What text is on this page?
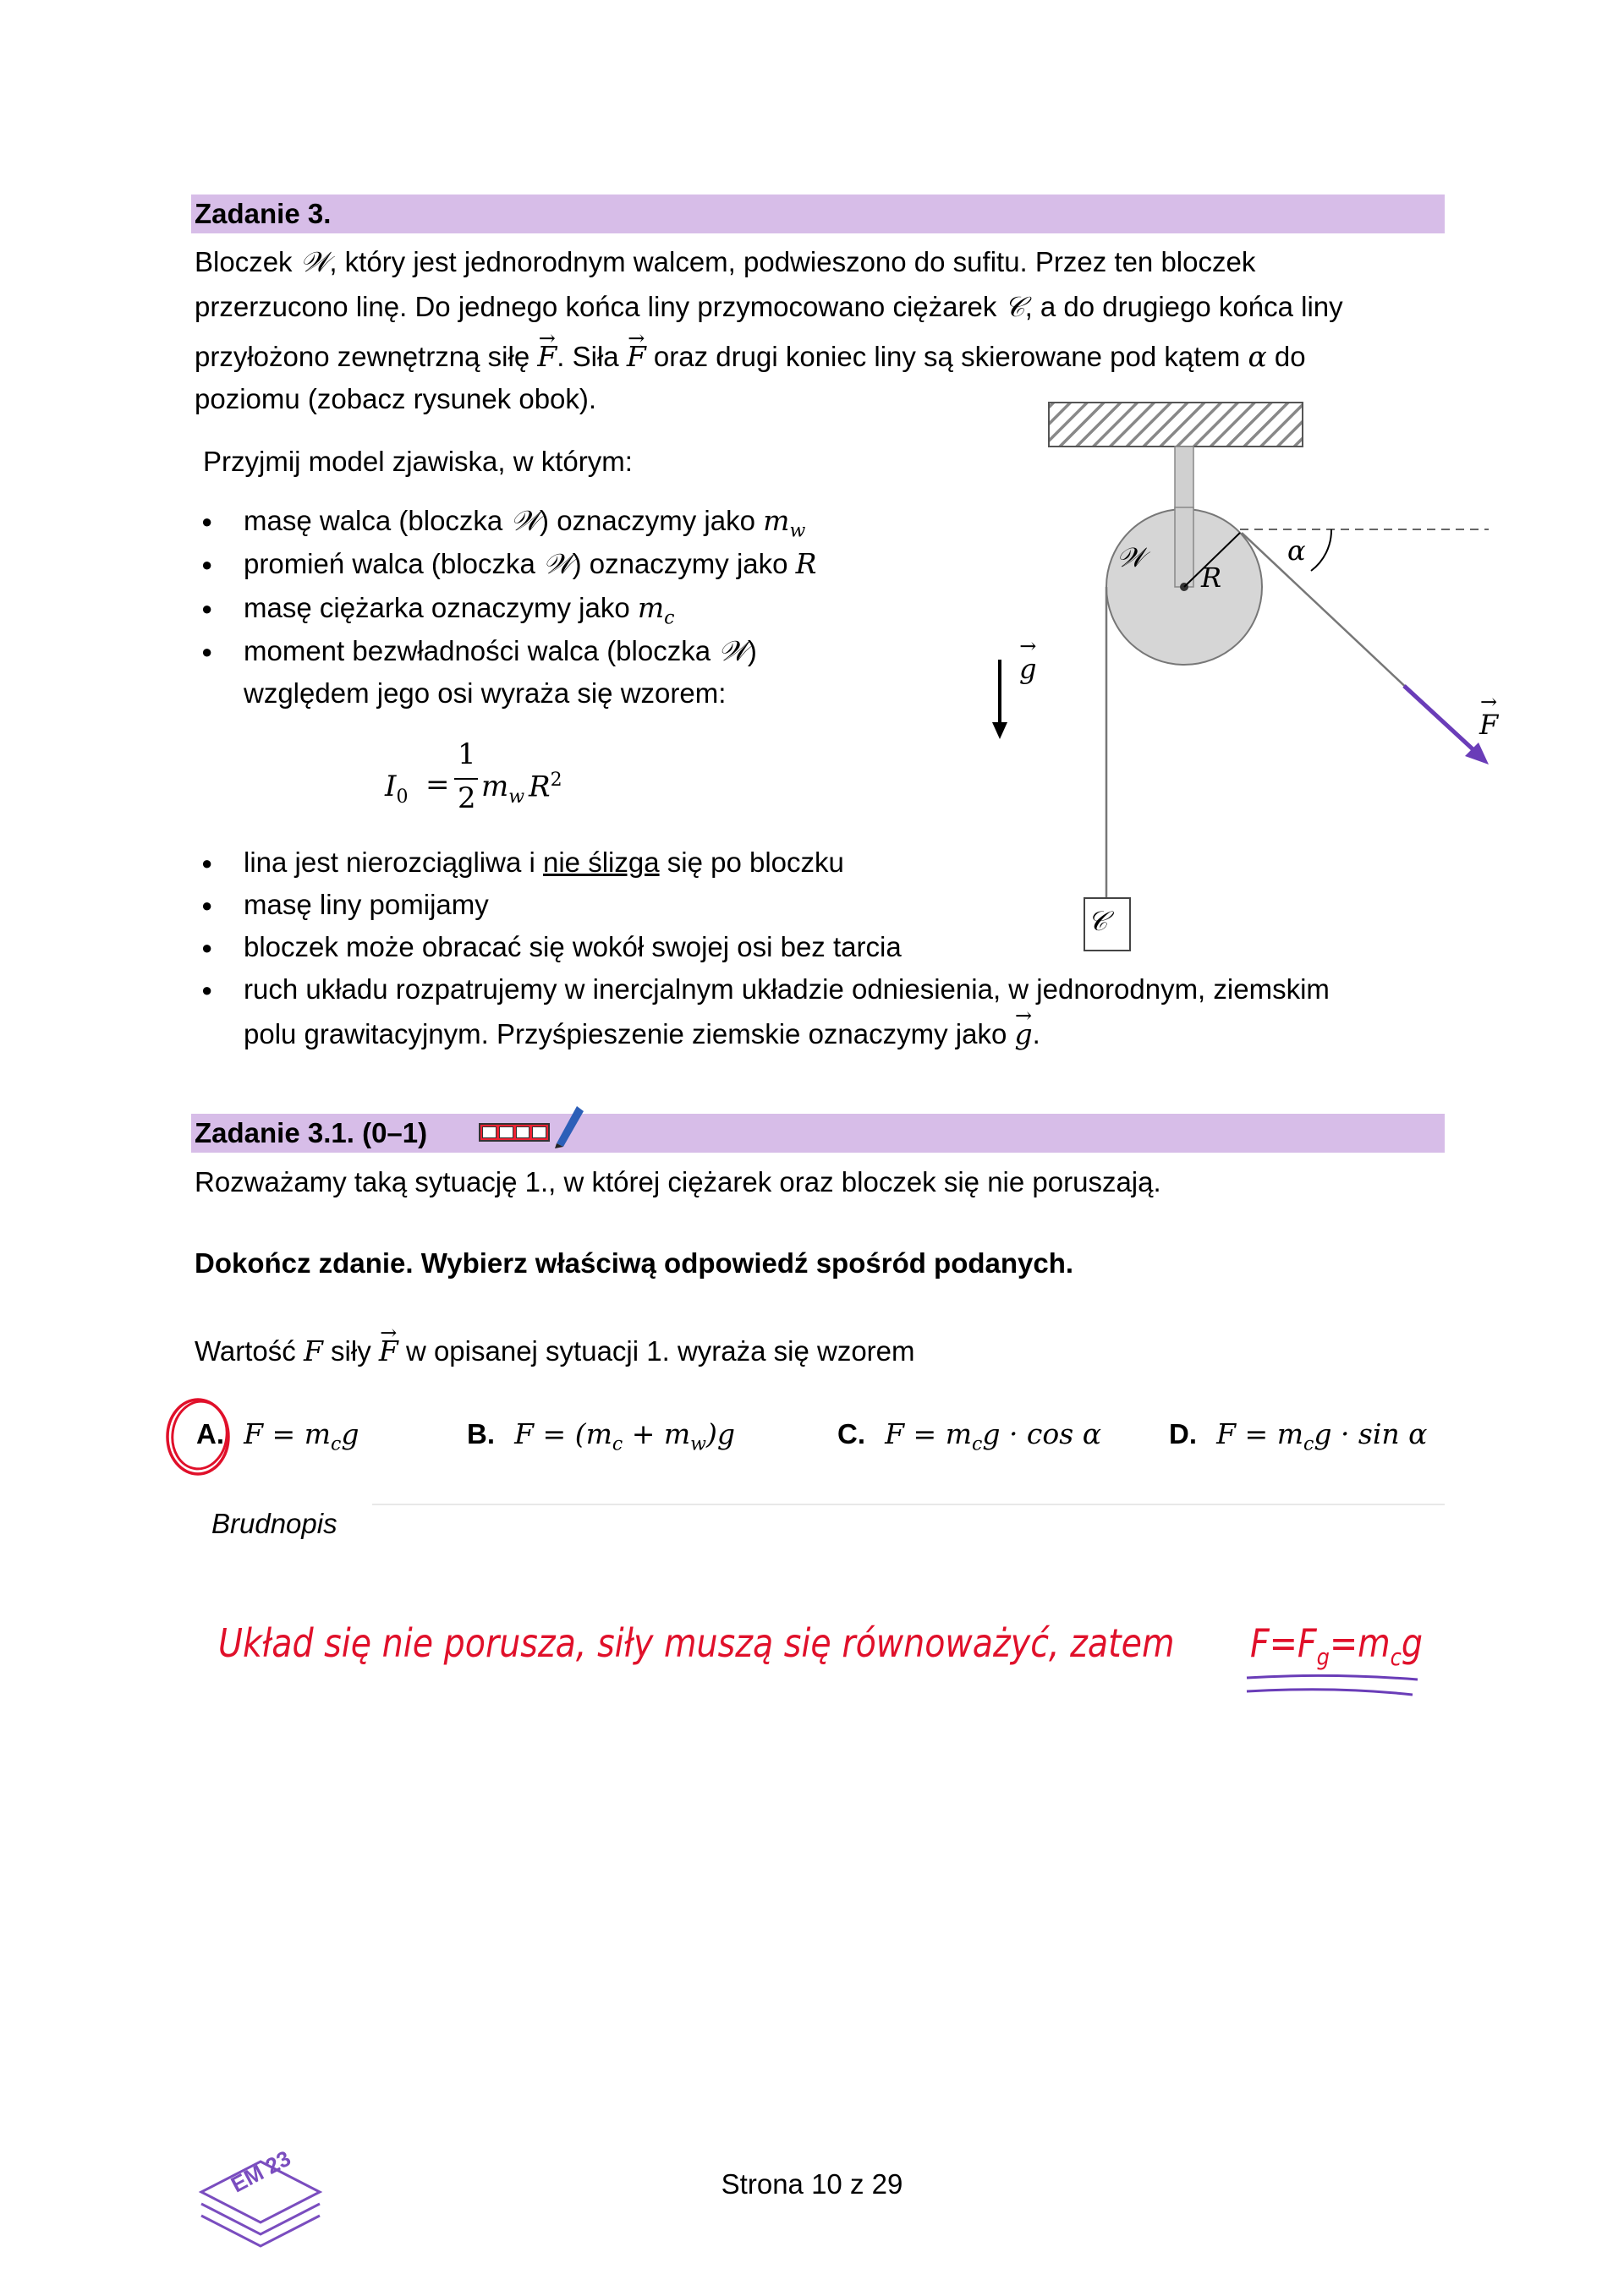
Zadanie 3.
Bloczek 𝒲, który jest jednorodnym walcem, podwieszono do sufitu. Przez ten bloczek
przerzucono linę. Do jednego końca liny przymocowano ciężarek 𝒞, a do drugiego końca liny
przyłożono zewnętrzną siłę → F. Siła → F oraz drugi koniec liny są skierowane pod kątem α do
poziomu (zobacz rysunek obok).
Przyjmij model zjawiska, w którym:
● masę walca (bloczka 𝒲) oznaczymy jako $m_w$
● promień walca (bloczka 𝒲) oznaczymy jako R
● masę ciężarka oznaczymy jako $m_c$
● moment bezwładności walca (bloczka 𝒲)
względem jego osi wyraża się wzorem:
$I_0$ =
1
2 $m_w$ $R^2$
● lina jest nierozciągliwa i nie ślizga się po bloczku
● masę liny pomijamy
● bloczek może obracać się wokół swojej osi bez tarcia
● ruch układu rozpatrujemy w inercjalnym układzie odniesienia, w jednorodnym, ziemskim
polu grawitacyjnym. Przyśpieszenie ziemskie oznaczymy jako → g.
𝒲
R
α
→ g → F
𝒞
Zadanie 3.1. (0–1)
Rozważamy taką sytuację 1., w której ciężarek oraz bloczek się nie poruszają.
Dokończ zdanie. Wybierz właściwą odpowiedź spośród podanych.
Wartość F siły → F w opisanej sytuacji 1. wyraża się wzorem
A. $F = m_cg$	B. $F = (m_c + m_w)g$	C. $F = m_cg \cdot \cos \alpha$ D. $F = m_cg \cdot \sin \alpha$
Brudnopis
Układ się nie porusza, siły muszą się równoważyć, zatem $F=F_g=m_cg$
EM 23	Strona 10 z 29
